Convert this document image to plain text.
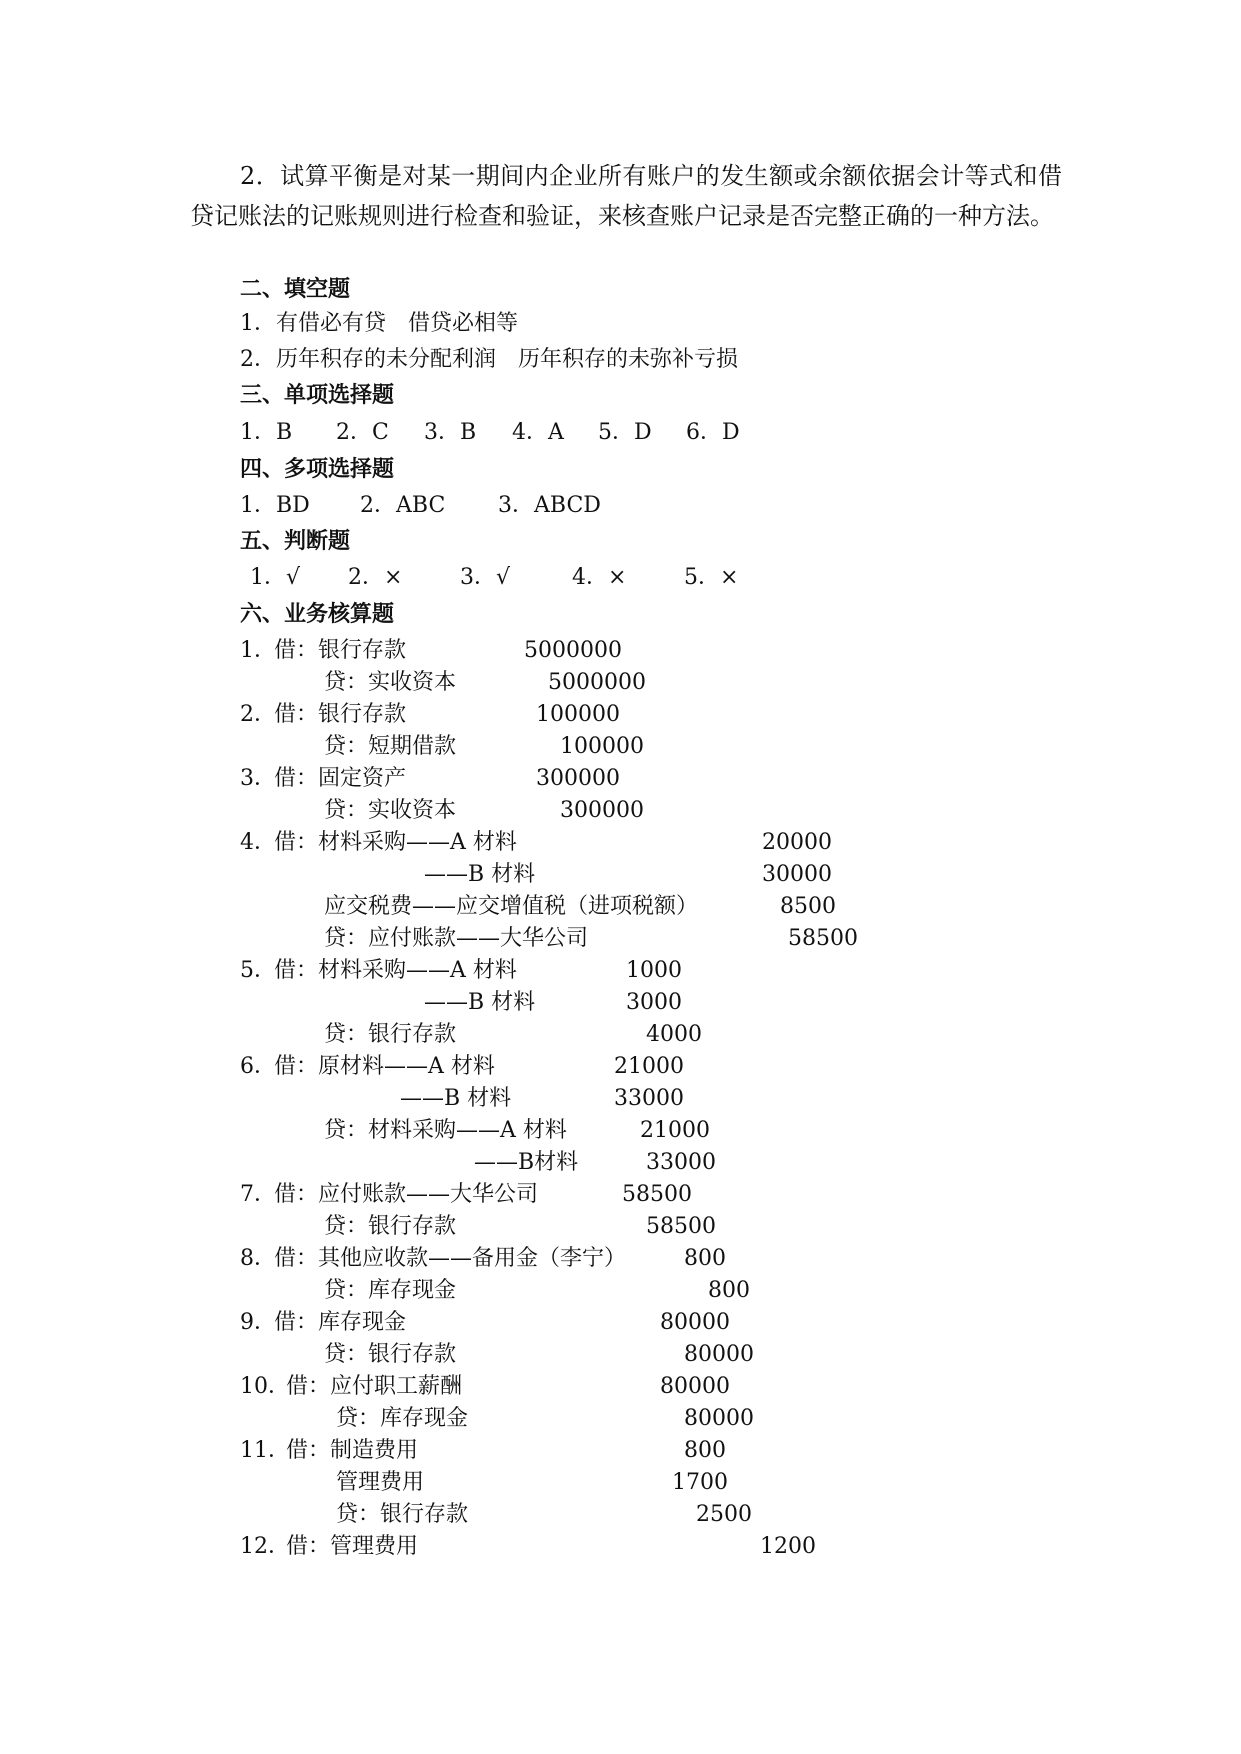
2．试算平衡是对某一期间内企业所有账户的发生额或余额依据会计等式和借贷记账法的记账规则进行检查和验证，来核查账户记录是否完整正确的一种方法。
二、填空题
1．有借必有贷　借贷必相等
2．历年积存的未分配利润　历年积存的未弥补亏损
三、单项选择题
1．B 2．C 3．B 4．A 5．D 6．D
四、多项选择题
1．BD 2．ABC 3．ABCD
五、判断题
1．√ 2．×	3．√	4．×	5．×
六、业务核算题
1．
借：银行存款	5000000
贷：实收资本	5000000
2．
借：银行存款	100000
贷：短期借款	100000
3．
借：固定资产	300000
贷：实收资本	300000
4．
借：材料采购——A 材料	20000
——B 材料	30000
应交税费——应交增值税（进项税额）	8500
贷：应付账款——大华公司	58500
5．
借：材料采购——A 材料	1000
——B 材料	3000
贷：银行存款	4000
6．
借：原材料——A 材料	21000
——B 材料	33000
贷：材料采购——A 材料	21000
——B材料	33000
7．
借：应付账款——大华公司	58500
贷：银行存款	58500
8．
借：其他应收款——备用金（李宁）	800
贷：库存现金	800
9．
借：库存现金	80000
贷：银行存款	80000
10．
借：应付职工薪酬	80000
贷：库存现金	80000
11．
借：制造费用	800
管理费用	1700
贷：银行存款	2500
12．
借：管理费用	1200
